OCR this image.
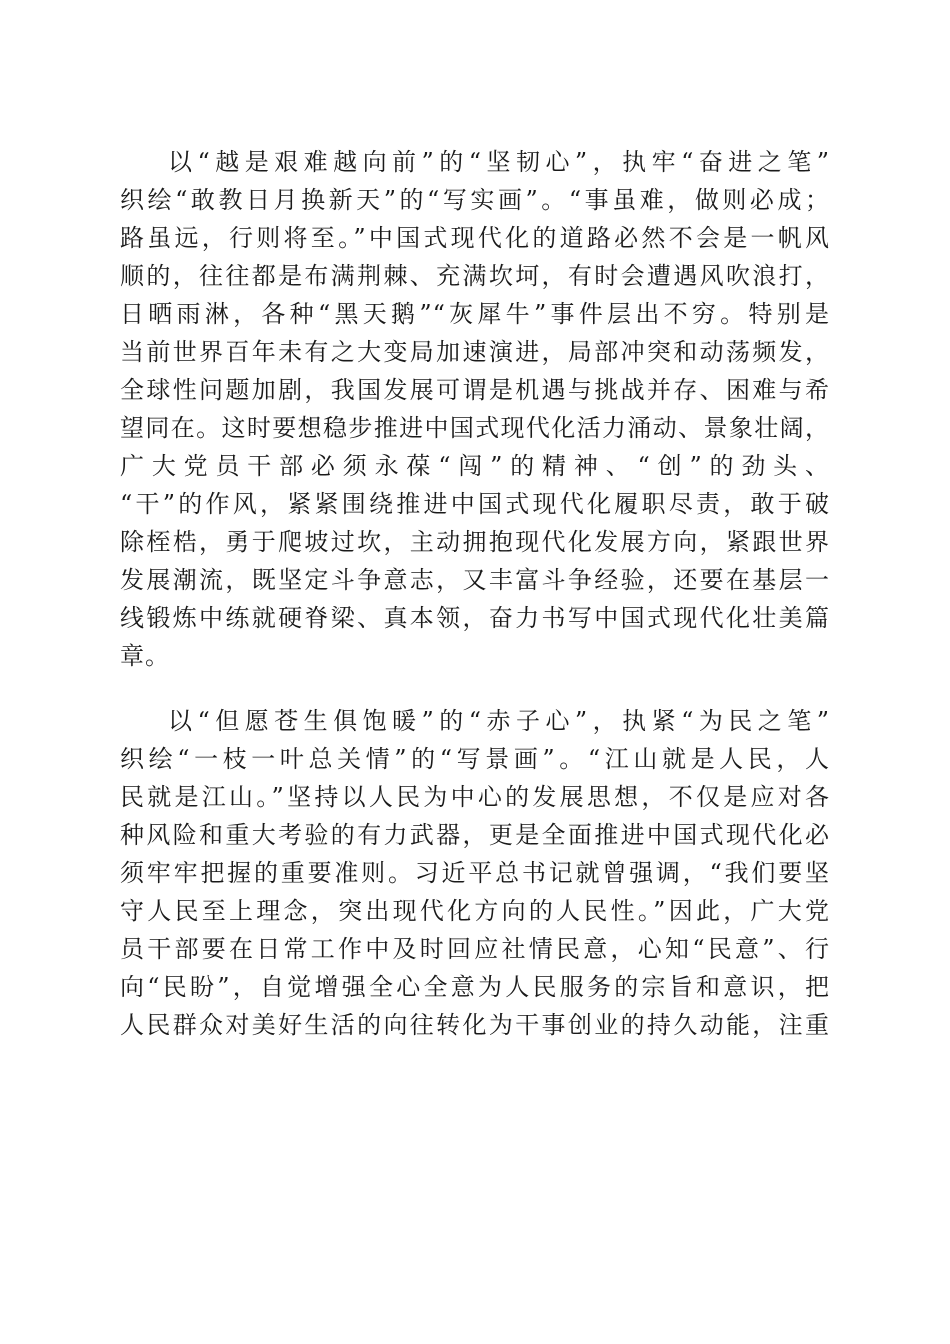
以“越是艰难越向前”的“坚韧心”，执牢“奋进之笔”
织绘“敢教日月换新天”的“写实画”。“事虽难，做则必成；
路虽远，行则将至。”中国式现代化的道路必然不会是一帆风
顺的，往往都是布满荆棘、充满坎坷，有时会遭遇风吹浪打，
日晒雨淋，各种“黑天鹅”“灰犀牛”事件层出不穷。特别是
当前世界百年未有之大变局加速演进，局部冲突和动荡频发，
全球性问题加剧，我国发展可谓是机遇与挑战并存、困难与希
望同在。这时要想稳步推进中国式现代化活力涌动、景象壮阔，
广大党员干部必须永葆“闯”的精神、“创”的劲头、
“干”的作风，紧紧围绕推进中国式现代化履职尽责，敢于破
除桎梏，勇于爬坡过坎，主动拥抱现代化发展方向，紧跟世界
发展潮流，既坚定斗争意志，又丰富斗争经验，还要在基层一
线锻炼中练就硬脊梁、真本领，奋力书写中国式现代化壮美篇
章。
以“但愿苍生俱饱暖”的“赤子心”，执紧“为民之笔”
织绘“一枝一叶总关情”的“写景画”。“江山就是人民，人
民就是江山。”坚持以人民为中心的发展思想，不仅是应对各
种风险和重大考验的有力武器，更是全面推进中国式现代化必
须牢牢把握的重要准则。习近平总书记就曾强调，“我们要坚
守人民至上理念，突出现代化方向的人民性。”因此，广大党
员干部要在日常工作中及时回应社情民意，心知“民意”、行
向“民盼”，自觉增强全心全意为人民服务的宗旨和意识，把
人民群众对美好生活的向往转化为干事创业的持久动能，注重
